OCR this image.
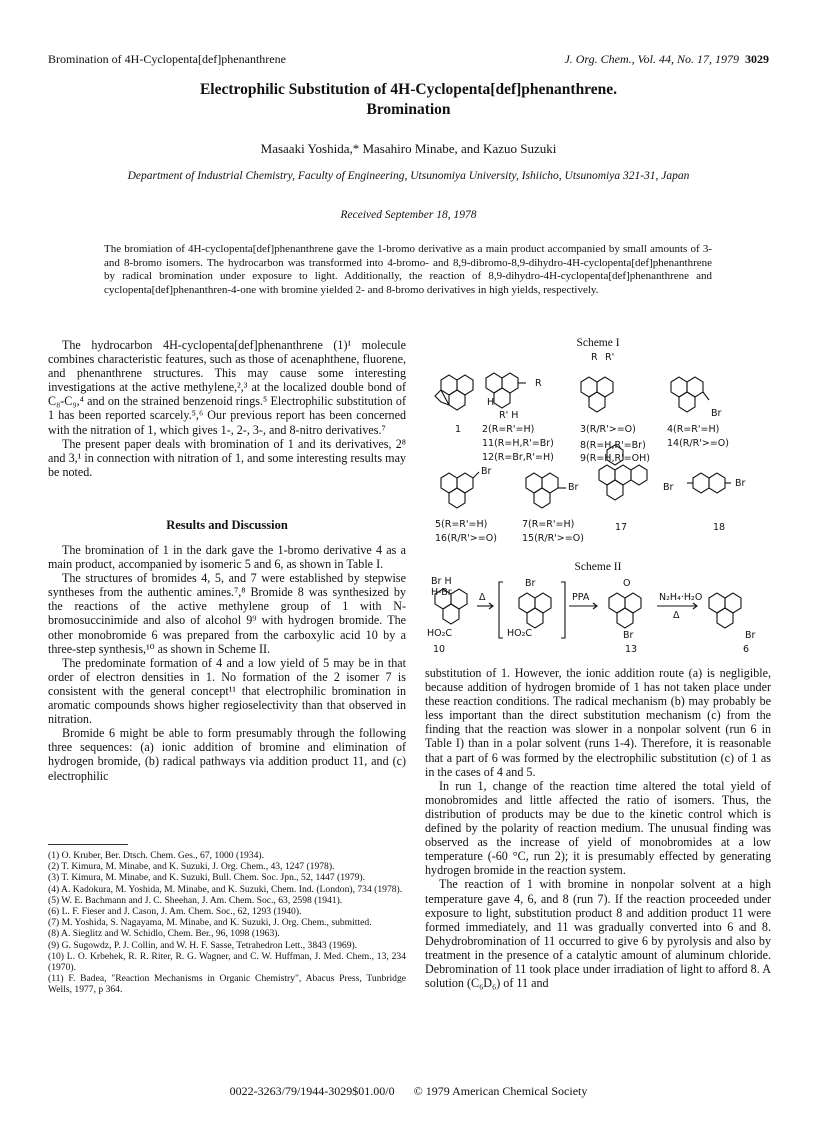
Bromination of 4H-Cyclopenta[def]phenanthrene	J. Org. Chem., Vol. 44, No. 17, 1979 3029
Electrophilic Substitution of 4H-Cyclopenta[def]phenanthrene.
Bromination
Masaaki Yoshida,* Masahiro Minabe, and Kazuo Suzuki
Department of Industrial Chemistry, Faculty of Engineering, Utsunomiya University, Ishiicho, Utsunomiya 321-31, Japan
Received September 18, 1978
The bromiation of 4H-cyclopenta[def]phenanthrene gave the 1-bromo derivative as a main product accompanied by small amounts of 3- and 8-bromo isomers. The hydrocarbon was transformed into 4-bromo- and 8,9-dibromo-8,9-dihydro-4H-cyclopenta[def]phenanthrene by radical bromination under exposure to light. Additionally, the reaction of 8,9-dihydro-4H-cyclopenta[def]phenanthrene and cyclopenta[def]phenanthren-4-one with bromine yielded 2- and 8-bromo derivatives in high yields, respectively.

The hydrocarbon 4H-cyclopenta[def]phenanthrene (1)¹ molecule combines characteristic features, such as those of acenaphthene, fluorene, and phenanthrene structures. This may cause some interesting investigations at the active methylene,²,³ at the localized double bond of C₈-C₉,⁴ and on the strained benzenoid rings.⁵ Electrophilic substitution of 1 has been reported scarcely.⁵,⁶ Our previous report has been concerned with the nitration of 1, which gives 1-, 2-, 3-, and 8-nitro derivatives.⁷

The present paper deals with bromination of 1 and its derivatives, 2⁸ and 3,¹ in connection with nitration of 1, and some interesting results may be noted.

Results and Discussion

The bromination of 1 in the dark gave the 1-bromo derivative 4 as a main product, accompanied by isomeric 5 and 6, as shown in Table I.

The structures of bromides 4, 5, and 7 were established by stepwise syntheses from the authentic amines.⁷,⁸ Bromide 8 was synthesized by the reactions of the active methylene group of 1 with N-bromosuccinimide and also of alcohol 9⁹ with hydrogen bromide. The other monobromide 6 was prepared from the carboxylic acid 10 by a three-step synthesis,¹⁰ as shown in Scheme II.

The predominate formation of 4 and a low yield of 5 may be in that order of electron densities in 1. No formation of the 2 isomer 7 is consistent with the general concept¹¹ that electrophilic bromination in aromatic compounds shows higher regioselectivity than that observed in nitration.

Bromide 6 might be able to form presumably through the following three sequences: (a) ionic addition of bromine and elimination of hydrogen bromide, (b) radical pathways via addition product 11, and (c) electrophilic

(1) O. Kruber, Ber. Dtsch. Chem. Ges., 67, 1000 (1934).
(2) T. Kimura, M. Minabe, and K. Suzuki, J. Org. Chem., 43, 1247 (1978).
(3) T. Kimura, M. Minabe, and K. Suzuki, Bull. Chem. Soc. Jpn., 52, 1447 (1979).
(4) A. Kadokura, M. Yoshida, M. Minabe, and K. Suzuki, Chem. Ind. (London), 734 (1978).
(5) W. E. Bachmann and J. C. Sheehan, J. Am. Chem. Soc., 63, 2598 (1941).
(6) L. F. Fieser and J. Cason, J. Am. Chem. Soc., 62, 1293 (1940).
(7) M. Yoshida, S. Nagayama, M. Minabe, and K. Suzuki, J. Org. Chem., submitted.
(8) A. Sieglitz and W. Schidlo, Chem. Ber., 96, 1098 (1963).
(9) G. Sugowdz, P. J. Collin, and W. H. F. Sasse, Tetrahedron Lett., 3843 (1969).
(10) L. O. Krbehek, R. R. Riter, R. G. Wagner, and C. W. Huffman, J. Med. Chem., 13, 234 (1970).
(11) F. Badea, "Reaction Mechanisms in Organic Chemistry", Abacus Press, Tunbridge Wells, 1977, p 364.
Scheme I
1 2(R=R'=H)
11(R=H,R'=Br)
12(R=Br,R'=H)
3(R/R'>=O)
8(R=H,R'=Br)
9(R=H,R'=OH)
4(R=R'=H)
14(R/R'>=O)
R R'
R
H
R' H	Br
Br
Br	Br	Br
5(R=R'=H)
16(R/R'>=O)
7(R=R'=H)
15(R/R'>=O)
17	18
Scheme II
Br H
H-Br	Δ
HO₂C
Br
HO₂C
PPA
O
Br
N₂H₄·H₂O
Δ
Br
10	13	6

substitution of 1. However, the ionic addition route (a) is negligible, because addition of hydrogen bromide of 1 has not taken place under these reaction conditions. The radical mechanism (b) may probably be less important than the direct substitution mechanism (c) from the finding that the reaction was slower in a nonpolar solvent (run 6 in Table I) than in a polar solvent (runs 1-4). Therefore, it is reasonable that a part of 6 was formed by the electrophilic substitution (c) of 1 as in the cases of 4 and 5.

In run 1, change of the reaction time altered the total yield of monobromides and little affected the ratio of isomers. Thus, the distribution of products may be due to the kinetic control which is defined by the polarity of reaction medium. The unusual finding was observed as the increase of yield of monobromides at a low temperature (-60 °C, run 2); it is presumably effected by generating hydrogen bromide in the reaction system.

The reaction of 1 with bromine in nonpolar solvent at a high temperature gave 4, 6, and 8 (run 7). If the reaction proceeded under exposure to light, substitution product 8 and addition product 11 were formed immediately, and 11 was gradually converted into 6 and 8. Dehydrobromination of 11 occurred to give 6 by pyrolysis and also by treatment in the presence of a catalytic amount of aluminum chloride. Debromination of 11 took place under irradiation of light to afford 8. A solution (C₆D₆) of 11 and

0022-3263/79/1944-3029$01.00/0 © 1979 American Chemical Society
